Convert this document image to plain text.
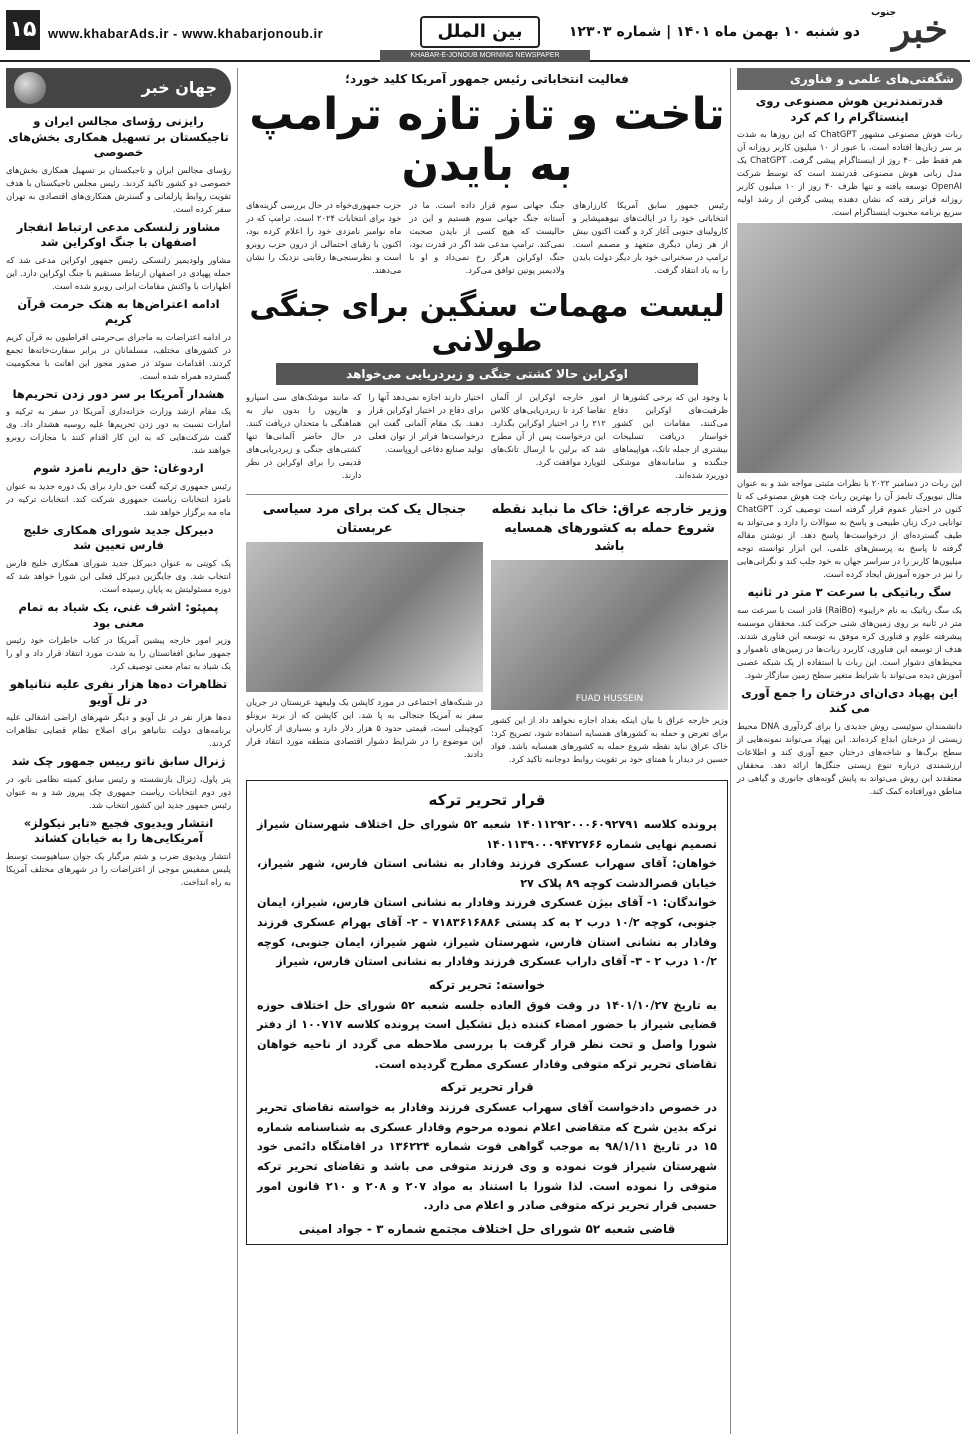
۱۵ www.khabarAds.ir - www.khabarjonoub.ir	بین الملل
KHABAR-E-JONOUB MORNING NEWSPAPER
دو شنبه ۱۰ بهمن ماه ۱۴۰۱ | شماره ۱۲۳۰۳ خبر
جنوب
شگفتی‌های علمی و فناوری
قدرتمندترین هوش مصنوعی روی اینستاگرام را کم کرد

ربات هوش مصنوعی مشهور ChatGPT که این روزها به شدت بر سر زبان‌ها افتاده است، با عبور از ۱۰ میلیون کاربر روزانه آن هم فقط طی ۴۰ روز از اینستاگرام پیشی گرفت. ChatGPT یک مدل زبانی هوش مصنوعی قدرتمند است که توسط شرکت OpenAI توسعه یافته و تنها ظرف ۴۰ روز از ۱۰ میلیون کاربر روزانه فراتر رفته که نشان دهنده پیشی گرفتن از رشد اولیه سریع برنامه محبوب اینستاگرام است.

این ربات در دسامبر ۲۰۲۲ با نظرات مثبتی مواجه شد و به عنوان مثال نیویورک تایمز آن را بهترین ربات چت هوش مصنوعی که تا کنون در اختیار عموم قرار گرفته است توصیف کرد. ChatGPT توانایی درک زبان طبیعی و پاسخ به سوالات را دارد و می‌تواند به طیف گسترده‌ای از درخواست‌ها پاسخ دهد. از نوشتن مقاله گرفته تا پاسخ به پرسش‌های علمی، این ابزار توانسته توجه میلیون‌ها کاربر را در سراسر جهان به خود جلب کند و نگرانی‌هایی را نیز در حوزه آموزش ایجاد کرده است.

سگ رباتیکی با سرعت ۳ متر در ثانیه

یک سگ رباتیک به نام «رایبو» (RaiBo) قادر است با سرعت سه متر در ثانیه بر روی زمین‌های شنی حرکت کند. محققان موسسه پیشرفته علوم و فناوری کره موفق به توسعه این فناوری شدند. هدف از توسعه این فناوری، کاربرد ربات‌ها در زمین‌های ناهموار و محیط‌های دشوار است. این ربات با استفاده از یک شبکه عصبی آموزش دیده می‌تواند با شرایط متغیر سطح زمین سازگار شود.

این پهپاد دی‌ان‌ای درختان را جمع آوری می کند

دانشمندان سوئیسی روش جدیدی را برای گردآوری DNA محیط زیستی از درختان ابداع کرده‌اند. این پهپاد می‌تواند نمونه‌هایی از سطح برگ‌ها و شاخه‌های درختان جمع آوری کند و اطلاعات ارزشمندی درباره تنوع زیستی جنگل‌ها ارائه دهد. محققان معتقدند این روش می‌تواند به پایش گونه‌های جانوری و گیاهی در مناطق دورافتاده کمک کند.

جهان خبر
رایزنی رؤسای مجالس ایران و تاجیکستان بر تسهیل همکاری بخش‌های خصوصی

رؤسای مجالس ایران و تاجیکستان بر تسهیل همکاری بخش‌های خصوصی دو کشور تاکید کردند. رئیس مجلس تاجیکستان با هدف تقویت روابط پارلمانی و گسترش همکاری‌های اقتصادی به تهران سفر کرده است.

مشاور زلنسکی مدعی ارتباط انفجار اصفهان با جنگ اوکراین شد

مشاور ولودیمیر زلنسکی رئیس جمهور اوکراین مدعی شد که حمله پهپادی در اصفهان ارتباط مستقیم با جنگ اوکراین دارد. این اظهارات با واکنش مقامات ایرانی روبرو شده است.

ادامه اعتراض‌ها به هتک حرمت قرآن کریم

در ادامه اعتراضات به ماجرای بی‌حرمتی افراطیون به قرآن کریم در کشورهای مختلف، مسلمانان در برابر سفارت‌خانه‌ها تجمع کردند. اقدامات سوئد در صدور مجوز این اهانت با محکومیت گسترده همراه شده است.

هشدار آمریکا بر سر دور زدن تحریم‌ها

یک مقام ارشد وزارت خزانه‌داری آمریکا در سفر به ترکیه و امارات نسبت به دور زدن تحریم‌ها علیه روسیه هشدار داد. وی گفت شرکت‌هایی که به این کار اقدام کنند با مجازات روبرو خواهند شد.

اردوغان: حق داریم نامزد شوم

رئیس جمهوری ترکیه گفت حق دارد برای یک دوره جدید به عنوان نامزد انتخابات ریاست جمهوری شرکت کند. انتخابات ترکیه در ماه مه برگزار خواهد شد.

دبیرکل جدید شورای همکاری خلیج فارس تعیین شد

یک کویتی به عنوان دبیرکل جدید شورای همکاری خلیج فارس انتخاب شد. وی جایگزین دبیرکل فعلی این شورا خواهد شد که دوره مسئولیتش به پایان رسیده است.

پمپئو: اشرف غنی، یک شیاد به تمام معنی بود

وزیر امور خارجه پیشین آمریکا در کتاب خاطرات خود رئیس جمهور سابق افغانستان را به شدت مورد انتقاد قرار داد و او را یک شیاد به تمام معنی توصیف کرد.

تظاهرات ده‌ها هزار نفری علیه نتانیاهو در تل آویو

ده‌ها هزار نفر در تل آویو و دیگر شهرهای اراضی اشغالی علیه برنامه‌های دولت نتانیاهو برای اصلاح نظام قضایی تظاهرات کردند.

ژنرال سابق ناتو رییس جمهور چک شد

پتر پاول، ژنرال بازنشسته و رئیس سابق کمیته نظامی ناتو، در دور دوم انتخابات ریاست جمهوری چک پیروز شد و به عنوان رئیس جمهور جدید این کشور انتخاب شد.

انتشار ویدیوی فجیع «تایر نیکولز» آمریکایی‌ها را به خیابان کشاند

انتشار ویدیوی ضرب و شتم مرگبار یک جوان سیاهپوست توسط پلیس ممفیس موجی از اعتراضات را در شهرهای مختلف آمریکا به راه انداخت.

فعالیت انتخاباتی رئیس جمهور آمریکا کلید خورد؛
تاخت و تاز تازه ترامپ به بایدن

رئیس جمهور سابق آمریکا کارزارهای انتخاباتی خود را در ایالت‌های نیوهمپشایر و کارولینای جنوبی آغاز کرد و گفت اکنون بیش از هر زمان دیگری متعهد و مصمم است. ترامپ در سخنرانی خود بار دیگر دولت بایدن را به باد انتقاد گرفت.

جنگ جهانی سوم قرار داده است. ما در آستانه جنگ جهانی سوم هستیم و این در حالیست که هیچ کسی از بایدن صحبت نمی‌کند. ترامپ مدعی شد اگر در قدرت بود، جنگ اوکراین هرگز رخ نمی‌داد و او با ولادیمیر پوتین توافق می‌کرد.

حزب جمهوری‌خواه در حال بررسی گزینه‌های خود برای انتخابات ۲۰۲۴ است. ترامپ که در ماه نوامبر نامزدی خود را اعلام کرده بود، اکنون با رقبای احتمالی از درون حزب روبرو است و نظرسنجی‌ها رقابتی نزدیک را نشان می‌دهند.

لیست مهمات سنگین برای جنگی طولانی
اوکراین حالا کشتی جنگی و زیردریایی می‌خواهد

با وجود این که برخی کشورها از ظرفیت‌های اوکراین دفاع می‌کنند، مقامات این کشور خواستار دریافت تسلیحات بیشتری از جمله تانک، هواپیماهای جنگنده و سامانه‌های موشکی دوربرد شده‌اند.

امور خارجه اوکراین از آلمان تقاضا کرد تا زیردریایی‌های کلاس ۲۱۲ را در اختیار اوکراین بگذارد. این درخواست پس از آن مطرح شد که برلین با ارسال تانک‌های لئوپارد موافقت کرد.

اختیار دارند اجازه نمی‌دهد آنها را برای دفاع در اختیار اوکراین قرار دهند. یک مقام آلمانی گفت این درخواست‌ها فراتر از توان فعلی تولید صنایع دفاعی اروپاست.

که مانند موشک‌های سی اسپارو و هارپون را بدون نیاز به هماهنگی با متحدان دریافت کنند. در حال حاضر آلمانی‌ها تنها کشتی‌های جنگی و زیردریایی‌های قدیمی را برای اوکراین در نظر دارند.

وزیر خارجه عراق: خاک ما نباید نقطه شروع حمله به کشورهای همسایه باشد
FUAD HUSSEIN

وزیر خارجه عراق با بیان اینکه بغداد اجازه نخواهد داد از این کشور برای تعرض و حمله به کشورهای همسایه استفاده شود، تصریح کرد: خاک عراق نباید نقطه شروع حمله به کشورهای همسایه باشد. فواد حسین در دیدار با همتای خود بر تقویت روابط دوجانبه تاکید کرد.

جنجال یک کت برای مرد سیاسی عربستان

در شبکه‌های اجتماعی در مورد کاپشن یک ولیعهد عربستان در جریان سفر به آمریکا جنجالی به پا شد. این کاپشن که از برند برونلو کوچینلی است، قیمتی حدود ۵ هزار دلار دارد و بسیاری از کاربران این موضوع را در شرایط دشوار اقتصادی منطقه مورد انتقاد قرار دادند.

قرار تحریر ترکه

پرونده کلاسه ۱۴۰۱۱۲۹۲۰۰۰۶۰۹۲۷۹۱ شعبه ۵۲ شورای حل اختلاف شهرستان شیراز تصمیم نهایی شماره ۱۴۰۱۱۳۹۰۰۰۹۴۷۲۷۶۶

خواهان: آقای سهراب عسکری فرزند وفادار به نشانی استان فارس، شهر شیراز، خیابان قصرالدشت کوچه ۸۹ پلاک ۲۷

خواندگان: ۱- آقای بیژن عسکری فرزند وفادار به نشانی استان فارس، شیراز، ایمان جنوبی، کوچه ۱۰/۲ درب ۲ به کد پستی ۷۱۸۳۶۱۶۸۸۶ - ۲- آقای بهرام عسکری فرزند وفادار به نشانی استان فارس، شهرستان شیراز، شهر شیراز، ایمان جنوبی، کوچه ۱۰/۲ درب ۲ - ۳- آقای داراب عسکری فرزند وفادار به نشانی استان فارس، شیراز

خواسته: تحریر ترکه

به تاریخ ۱۴۰۱/۱۰/۲۷ در وقت فوق العاده جلسه شعبه ۵۲ شورای حل اختلاف حوزه قضایی شیراز با حضور امضاء کننده ذیل تشکیل است پرونده کلاسه ۱۰۰۷۱۷ از دفتر شورا واصل و تحت نظر قرار گرفت با بررسی ملاحظه می گردد از ناحیه خواهان تقاضای تحریر ترکه متوفی وفادار عسکری مطرح گردیده است.

قرار تحریر ترکه

در خصوص دادخواست آقای سهراب عسکری فرزند وفادار به خواسته تقاضای تحریر ترکه بدین شرح که متقاضی اعلام نموده مرحوم وفادار عسکری به شناسنامه شماره ۱۵ در تاریخ ۹۸/۱/۱۱ به موجب گواهی فوت شماره ۱۳۶۲۲۴ در اقامتگاه دائمی خود شهرستان شیراز فوت نموده و وی فرزند متوفی می باشد و تقاضای تحریر ترکه متوفی را نموده است. لذا شورا با استناد به مواد ۲۰۷ و ۲۰۸ و ۲۱۰ قانون امور حسبی قرار تحریر ترکه متوفی صادر و اعلام می دارد.

قاضی شعبه ۵۲ شورای حل اختلاف مجتمع شماره ۳ - جواد امینی
